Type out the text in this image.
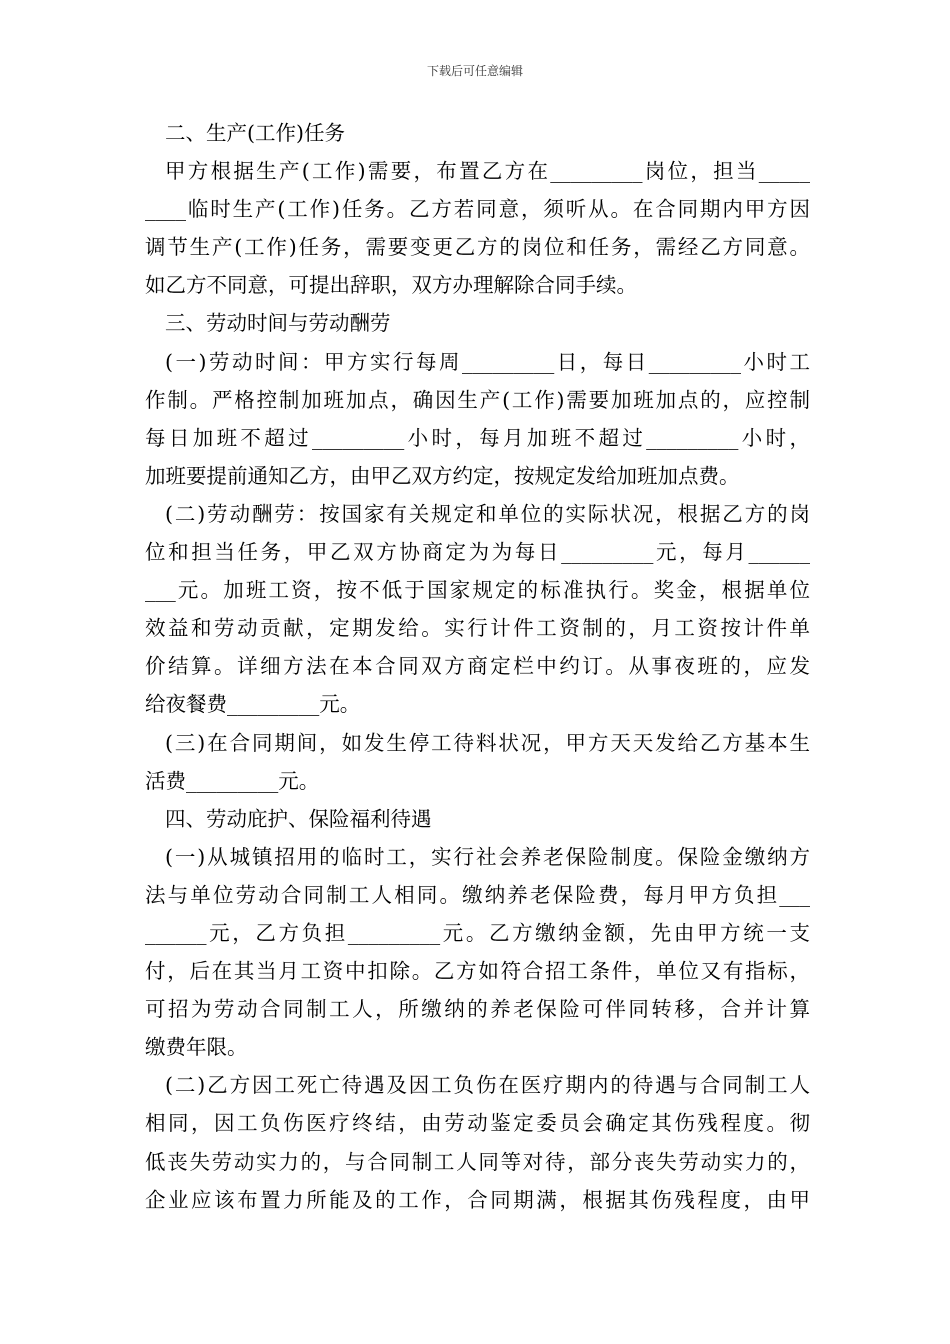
下载后可任意编辑
二、生产(工作)任务
甲方根据生产(工作)需要，布置乙方在_________岗位，担当_____
____临时生产(工作)任务。乙方若同意，须听从。在合同期内甲方因
调节生产(工作)任务，需要变更乙方的岗位和任务，需经乙方同意。
如乙方不同意，可提出辞职，双方办理解除合同手续。
三、劳动时间与劳动酬劳
(一)劳动时间：甲方实行每周_________日，每日_________小时工
作制。严格控制加班加点，确因生产(工作)需要加班加点的，应控制
每日加班不超过_________小时，每月加班不超过_________小时，
加班要提前通知乙方，由甲乙双方约定，按规定发给加班加点费。
(二)劳动酬劳：按国家有关规定和单位的实际状况，根据乙方的岗
位和担当任务，甲乙双方协商定为为每日_________元，每月______
___元。加班工资，按不低于国家规定的标准执行。奖金，根据单位
效益和劳动贡献，定期发给。实行计件工资制的，月工资按计件单
价结算。详细方法在本合同双方商定栏中约订。从事夜班的，应发
给夜餐费_________元。
(三)在合同期间，如发生停工待料状况，甲方天天发给乙方基本生
活费_________元。
四、劳动庇护、保险福利待遇
(一)从城镇招用的临时工，实行社会养老保险制度。保险金缴纳方
法与单位劳动合同制工人相同。缴纳养老保险费，每月甲方负担___
______元，乙方负担_________元。乙方缴纳金额，先由甲方统一支
付，后在其当月工资中扣除。乙方如符合招工条件，单位又有指标，
可招为劳动合同制工人，所缴纳的养老保险可伴同转移，合并计算
缴费年限。
(二)乙方因工死亡待遇及因工负伤在医疗期内的待遇与合同制工人
相同，因工负伤医疗终结，由劳动鉴定委员会确定其伤残程度。彻
低丧失劳动实力的，与合同制工人同等对待，部分丧失劳动实力的，
企业应该布置力所能及的工作，合同期满，根据其伤残程度，由甲
